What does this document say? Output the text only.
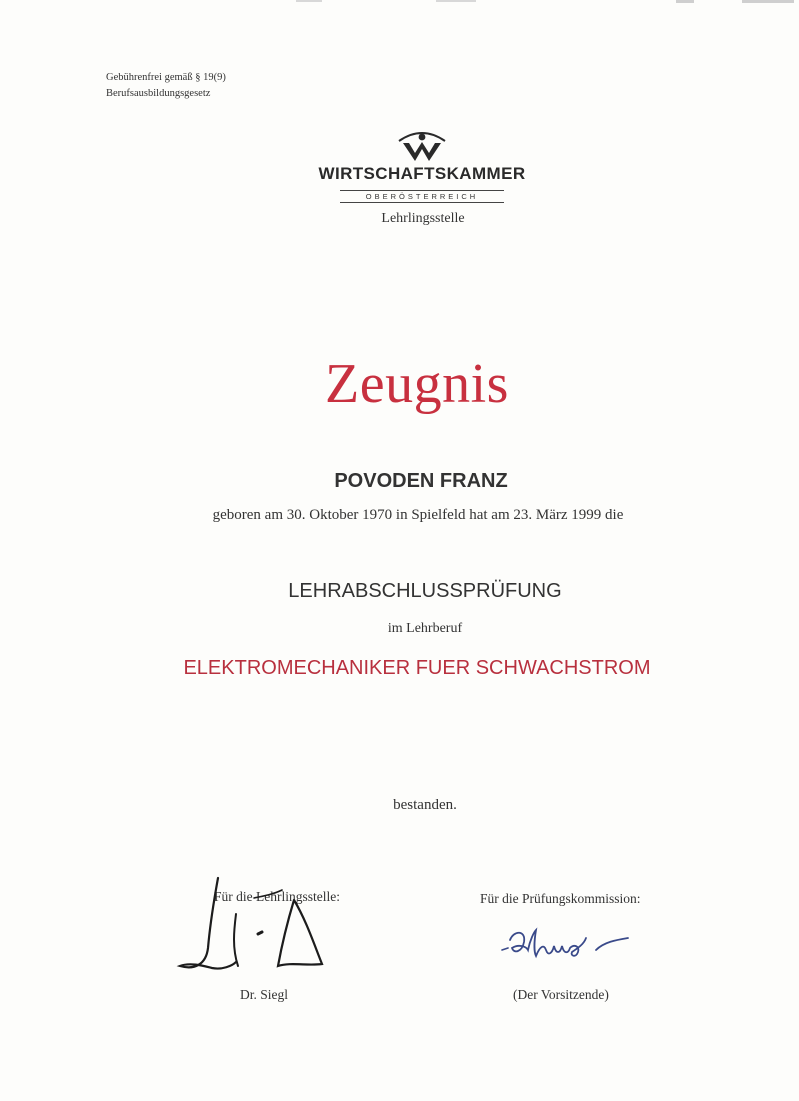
Gebührenfrei gemäß § 19(9)
Berufsausbildungsgesetz
WIRTSCHAFTSKAMMER
OBERÖSTERREICH
Lehrlingsstelle
Zeugnis
POVODEN FRANZ
geboren am 30. Oktober 1970 in Spielfeld hat am 23. März 1999 die
LEHRABSCHLUSSPRÜFUNG
im Lehrberuf
ELEKTROMECHANIKER FUER SCHWACHSTROM
bestanden.
Für die Lehrlingsstelle:	Für die Prüfungskommission:
Dr. Siegl	(Der Vorsitzende)
